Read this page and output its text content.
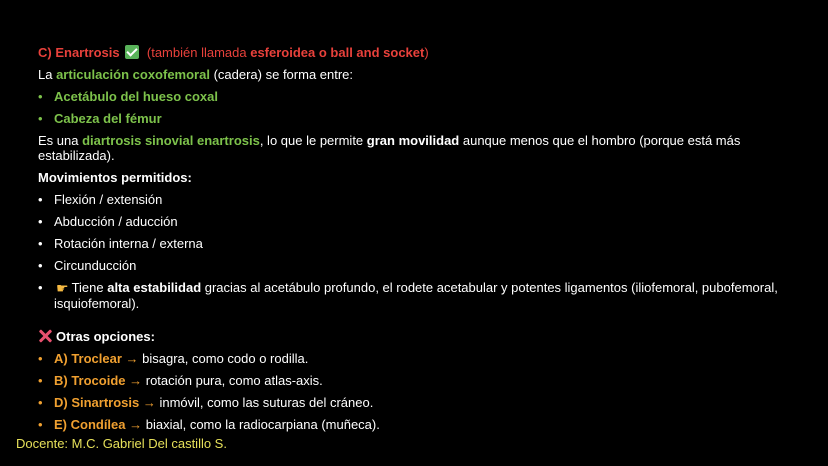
C) Enartrosis (también llamada esferoidea o ball and socket)
La articulación coxofemoral (cadera) se forma entre:
• Acetábulo del hueso coxal
• Cabeza del fémur
Es una diartrosis sinovial enartrosis, lo que le permite gran movilidad aunque menos que el hombro (porque está más estabilizada).
Movimientos permitidos:
• Flexión / extensión
• Abducción / aducción
• Rotación interna / externa
• Circunducción
• ☛ Tiene alta estabilidad gracias al acetábulo profundo, el rodete acetabular y potentes ligamentos (iliofemoral, pubofemoral, isquiofemoral).
Otras opciones:
• A) Troclear → bisagra, como codo o rodilla.
• B) Trocoide → rotación pura, como atlas-axis.
• D) Sinartrosis → inmóvil, como las suturas del cráneo.
• E) Condílea → biaxial, como la radiocarpiana (muñeca).
Docente: M.C. Gabriel Del castillo S.
